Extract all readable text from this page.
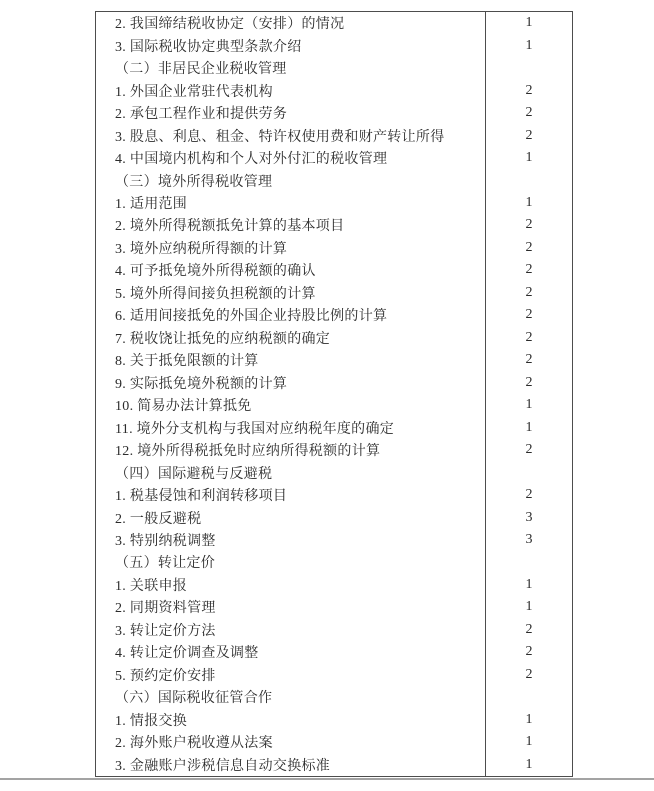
2. 我国缔结税收协定（安排）的情况	1
3. 国际税收协定典型条款介绍	1
（二）非居民企业税收管理
1. 外国企业常驻代表机构	2
2. 承包工程作业和提供劳务	2
3. 股息、利息、租金、特许权使用费和财产转让所得	2
4. 中国境内机构和个人对外付汇的税收管理	1
（三）境外所得税收管理
1. 适用范围	1
2. 境外所得税额抵免计算的基本项目	2
3. 境外应纳税所得额的计算	2
4. 可予抵免境外所得税额的确认	2
5. 境外所得间接负担税额的计算	2
6. 适用间接抵免的外国企业持股比例的计算	2
7. 税收饶让抵免的应纳税额的确定	2
8. 关于抵免限额的计算	2
9. 实际抵免境外税额的计算	2
10. 简易办法计算抵免	1
11. 境外分支机构与我国对应纳税年度的确定	1
12. 境外所得税抵免时应纳所得税额的计算	2
（四）国际避税与反避税
1. 税基侵蚀和利润转移项目	2
2. 一般反避税	3
3. 特别纳税调整	3
（五）转让定价
1. 关联申报	1
2. 同期资料管理	1
3. 转让定价方法	2
4. 转让定价调查及调整	2
5. 预约定价安排	2
（六）国际税收征管合作
1. 情报交换	1
2. 海外账户税收遵从法案	1
3. 金融账户涉税信息自动交换标准	1
